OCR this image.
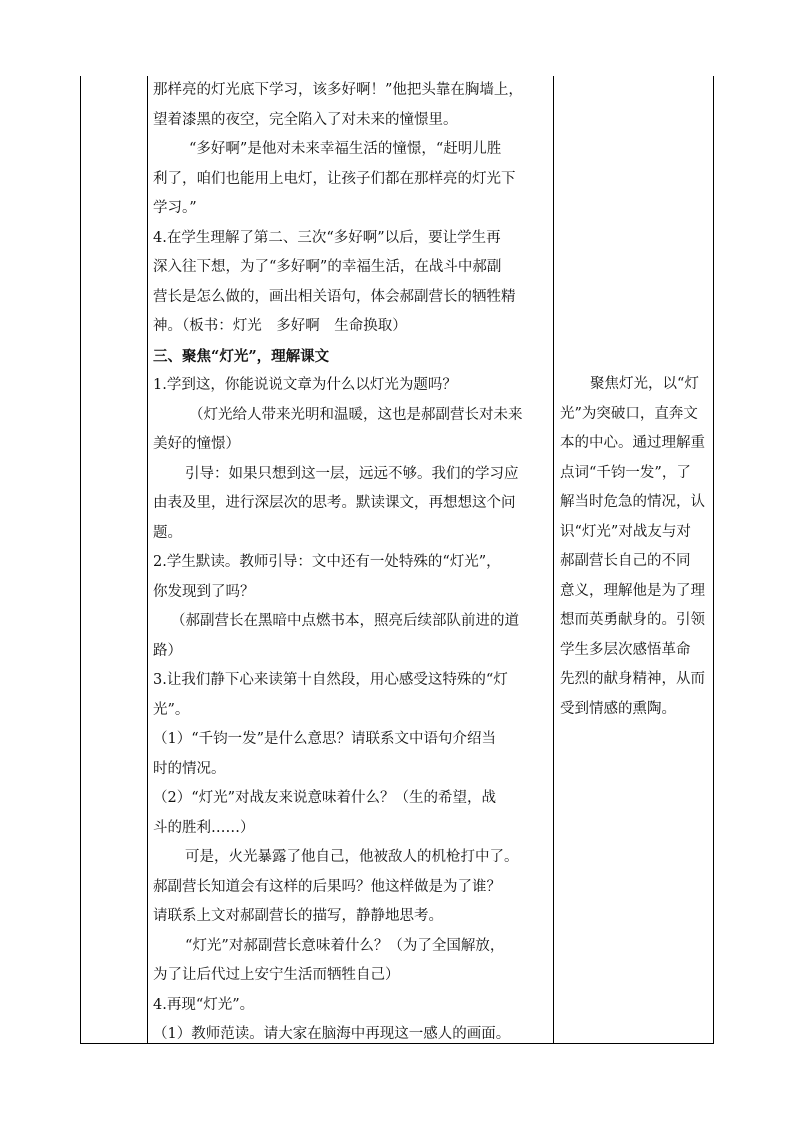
那样亮的灯光底下学习，该多好啊！”他把头靠在胸墙上，

望着漆黑的夜空，完全陷入了对未来的憧憬里。

“多好啊”是他对未来幸福生活的憧憬，“赶明儿胜

利了，咱们也能用上电灯，让孩子们都在那样亮的灯光下

学习。”

4.在学生理解了第二、三次“多好啊”以后，要让学生再

深入往下想，为了“多好啊”的幸福生活，在战斗中郝副

营长是怎么做的，画出相关语句，体会郝副营长的牺牲精

神。（板书：灯光　多好啊　生命换取）

三、聚焦“灯光”，理解课文

1.学到这，你能说说文章为什么以灯光为题吗？

（灯光给人带来光明和温暖，这也是郝副营长对未来

美好的憧憬）

引导：如果只想到这一层，远远不够。我们的学习应

由表及里，进行深层次的思考。默读课文，再想想这个问

题。

2.学生默读。教师引导：文中还有一处特殊的“灯光”，

你发现到了吗？

（郝副营长在黑暗中点燃书本，照亮后续部队前进的道

路）

3.让我们静下心来读第十自然段，用心感受这特殊的“灯

光”。

（1）“千钧一发”是什么意思？请联系文中语句介绍当

时的情况。

（2）“灯光”对战友来说意味着什么？（生的希望，战

斗的胜利……）

可是，火光暴露了他自己，他被敌人的机枪打中了。

郝副营长知道会有这样的后果吗？他这样做是为了谁？

请联系上文对郝副营长的描写，静静地思考。

“灯光”对郝副营长意味着什么？（为了全国解放，

为了让后代过上安宁生活而牺牲自己）

4.再现“灯光”。

（1）教师范读。请大家在脑海中再现这一感人的画面。

聚焦灯光，以“灯

光”为突破口，直奔文

本的中心。通过理解重

点词“千钧一发”，了

解当时危急的情况，认

识“灯光”对战友与对

郝副营长自己的不同

意义，理解他是为了理

想而英勇献身的。引领

学生多层次感悟革命

先烈的献身精神，从而

受到情感的熏陶。
